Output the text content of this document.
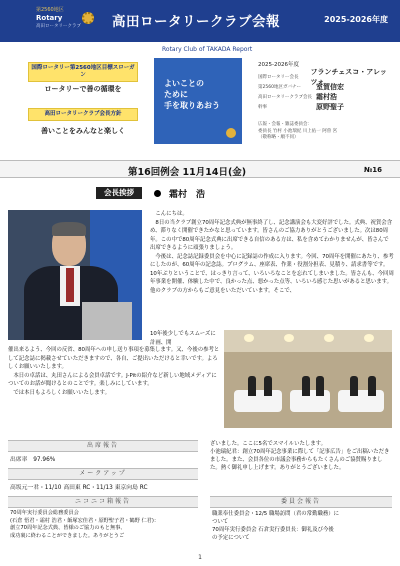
第2560地区
Rotary
高田ロータリークラブ	高田ロータリークラブ会報	2025-2026年度
Rotary Club of TAKADA Report
国際ロータリー第2560地区目標スローガン
ロータリーで善の循環を
高田ロータリークラブ会長方針
善いことをみんなと楽しく
よいことの
ために
手を取りあおう
2025-2026年度
国際ロータリー会長
フランチェスコ・アレッツォ
第2560地区ガバナー	室賀信宏
高田ロータリークラブ会長 霜村浩
幹事	原野聖子
広報・会報・雑誌委員会：
委員長 竹村 小池瑞紀 川上佑一 阿曽 宮
（敬称略・順不同）
第16回例会 11月14日(金)	№16
会長挨拶	霜村　浩

こんにちは。

8日の当クラブ創立70周年記念式典が無事終了し、記念講演会も大変好評でした。式典、祝賀会含め、滞りなく開催できたかなと思っています。皆さんのご協力ありがとうございました。次は80周年。この中で80周年記念式典に出席できる自信のある方は、私を含めてわかりませんが、皆さんで出席できるように頑張りましょう。

今後は、記念誌記録委員会を中心に記録誌の作成に入ります。今回、70周年を開催にあたり、参考にしたのが、60周年の記念誌。プログラム、座席表、作業・役割分担表、見積り、請求書等です。10年ぶりということで、はっきり言って、いろいろなことを忘れてしまいました。皆さんも、今回周年事業を開催、体験した中で、良かった点、悪かった点等、いろいろ感じた思いがあると思います。他のクラブの方からもご意見をいただいています。そこで、

10年後少しでもスムーズに計画、開

催出来るよう、今回の反省、80周年への申し送り事項を募集します。又、今後の参考として記念誌に掲載させていただきますので、各自、ご提出いただけると幸いです。よろしくお願いいたします。

本日の卓話は、丸田さんによる会員卓話です。J-Pitの紹介など新しい地域メディアについてのお話が聞けるとのことです。楽しみにしています。

では本日もよろしくお願いいたします。

出席報告
出席率　97.96%
メークアップ
高坂元一君・11/10 高田東 RC・11/13 東京向島 RC
ニコニコ箱報告
70周年実行委員会総務委員会
(石倉 悟君・霜村 浩君・飯塚宏佳君・原野聖子君・鶴野 仁君)：
創立70周年記念式典、皆様のご協力のもと無事、
成功裏に終わることができました。ありがとうご
ざいました。ここに5名でスマイルいたします。
小池瑞紀君：創立70周年記念事業に際して「記事広告」をご出稿いただきました。また、会員各位の市議会事務からもたくさんのご協賛賜りました。熱く御礼申し上げます。ありがとうございました。
委員会報告
職業奉仕委員会・12/5 職場訪問（君の常勤職務）に
ついて
70周年実行委員会 石倉実行委員長：御礼及び今後
の予定について
1
